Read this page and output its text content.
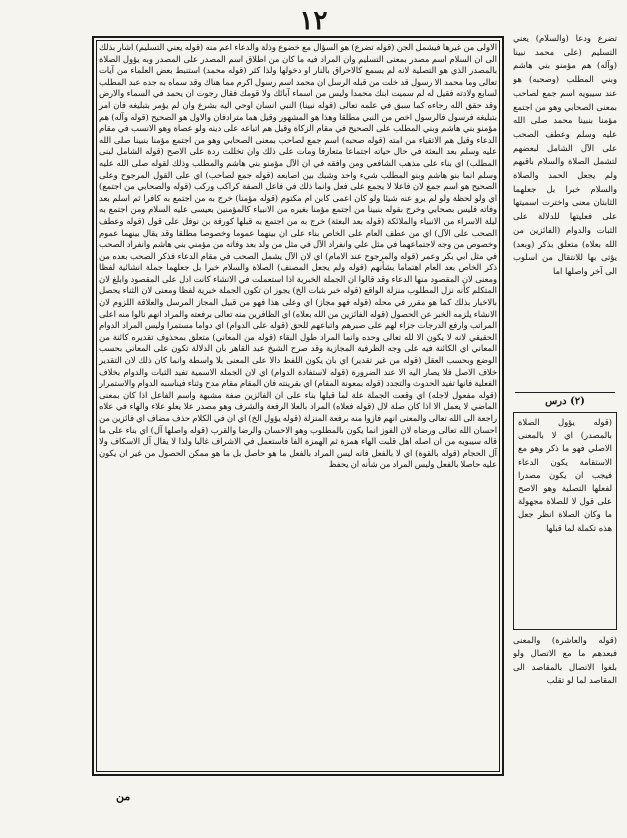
١٢

الاولى من غيرها فيشمل الجن (قوله تضرع) هو السؤال مع خضوع وذلة والدعاء اعم منه (قوله يعني التسليم) اشار بذلك الى ان السلام اسم مصدر بمعنى التسليم وان المراد فيه ما كان من اطلاق اسم المصدر على المصدر وبه يؤول الصلاة بالمصدر الذي هو التصلية لانه لم يسمع كالاحراق بالنار او دخولها ولذا كثر (قوله محمد) استنبط بعض العلماء من آيات تعالى وما محمد الا رسول قد خلت من قبله الرسل ان محمد اسم رسول اكرم مما هناك وقد سماه به جده عبد المطلب لسابع ولادته فقيل له لم سميت ابنك محمدا وليس من اسماء آبائك ولا قومك فقال رجوت ان يحمد في السماء والارض وقد حقق الله رجاءه كما سبق في علمه تعالى (قوله نبينا) النبي انسان اوحي اليه بشرع وان لم يؤمر بتبليغه فان امر بتبليغه فرسول فالرسول اخص من النبي مطلقا وهذا هو المشهور وقيل هما مترادفان والاول هو الصحيح (قوله وآله) هم مؤمنو بني هاشم وبني المطلب على الصحيح في مقام الزكاة وقيل هم اتباعه على دينه ولو عصاة وهو الانسب في مقام الدعاء وقيل هم الاتقياء من امته (قوله صحبه) اسم جمع لصاحب بمعنى الصحابي وهو من اجتمع مؤمنا بنبينا صلى الله عليه وسلم بعد البعثة في حال حياته اجتماعا متعارفا ومات على ذلك وان تخللت ردة على الاصح (قوله الشامل لبنى المطلب) اي بناء على مذهب الشافعي ومن وافقه في ان الآل مؤمنو بني هاشم والمطلب وذلك لقوله صلى الله عليه وسلم انما بنو هاشم وبنو المطلب شيء واحد وشبك بين اصابعه (قوله جمع لصاحب) اي على القول المرجوح وعلى الصحيح هو اسم جمع لان فاعلا لا يجمع على فعل وانما ذلك في فاعل الصفة كراكب وركب (قوله والصحابي من اجتمع) اي ولو لحظة ولو لم يرو عنه شيئا ولو كان اعمى كابن ام مكتوم (قوله مؤمنا) خرج به من اجتمع به كافرا ثم اسلم بعد وفاته فليس بصحابي وخرج بقوله بنبينا من اجتمع مؤمنا بغيره من الانبياء كالمؤمنين بعيسى عليه السلام ومن اجتمع به ليلة الاسراء من الانبياء والملائكة (قوله بعد البعثة) خرج به من اجتمع به قبلها كورقة بن نوفل على قول (قوله وعطف الصحب على الآل) اي من عطف العام على الخاص بناء على ان بينهما عموما وخصوصا مطلقا وقد يقال بينهما عموم وخصوص من وجه لاجتماعهما في مثل علي وانفراد الآل في مثل من ولد بعد وفاته من مؤمني بني هاشم وانفراد الصحب في مثل ابي بكر وعمر (قوله والمرجوح عند الامام) اي لان الآل يشمل الصحب في مقام الدعاء فذكر الصحب بعده من ذكر الخاص بعد العام اهتماما بشأنهم (قوله ولم يجعل المصنف) الصلاة والسلام خبرا بل جعلهما جملة انشائية لفظا ومعنى لان المقصود منها الدعاء وقد قالوا ان الجملة الخبرية اذا استعملت في الانشاء كانت ادل على المقصود وابلغ لان المتكلم كأنه نزل المطلوب منزلة الواقع (قوله خبر بثبات الخ) يجوز ان تكون الجملة خبرية لفظا ومعنى لان الثناء يحصل بالاخبار بذلك كما هو مقرر في محله (قوله فهو مجاز) اي وعلى هذا فهو من قبيل المجاز المرسل والعلاقة اللزوم لان الانشاء يلزمه الخبر عن الحصول (قوله الفائزين من الله بعلاه) اي الظافرين منه تعالى برفعته والمراد انهم نالوا منه اعلى المراتب وارفع الدرجات جزاء لهم على صبرهم واتباعهم للحق (قوله على الدوام) اي دواما مستمرا وليس المراد الدوام الحقيقي لانه لا يكون الا لله تعالى وحده وانما المراد طول البقاء (قوله من المعاني) متعلق بمحذوف تقديره كائنة من المعاني اي الكائنة فيه على وجه الظرفية المجازية وقد صرح الشيخ عبد القاهر بان الدلالة تكون على المعاني بحسب الوضع وبحسب العقل (قوله من غير تقدير) اي بان يكون اللفظ دالا على المعنى بلا واسطة وانما كان ذلك لان التقدير خلاف الاصل فلا يصار اليه الا عند الضرورة (قوله لاستفادة الدوام) اي لان الجملة الاسمية تفيد الثبات والدوام بخلاف الفعلية فانها تفيد الحدوث والتجدد (قوله بمعونة المقام) اي بقرينته فان المقام مقام مدح وثناء فيناسبه الدوام والاستمرار (قوله مفعول لاجله) اي وقعت الجملة علة لما قبلها بناء على ان الفائزين صفة مشبهة واسم الفاعل اذا كان بمعنى الماضي لا يعمل الا اذا كان صلة لال (قوله فعلاه) المراد بالعلا الرفعة والشرف وهو مصدر علا يعلو علاء والهاء في علاه راجعة الى الله تعالى والمعنى انهم فازوا منه برفعة المنزلة (قوله يؤول الخ) اي ان في الكلام حذف مضاف اي فائزين من احسان الله تعالى ورضاه لان الفوز انما يكون بالمطلوب وهو الاحسان والرضا والقرب (قوله واصلها آل) اي بناء على ما قاله سيبويه من ان اصله اهل قلبت الهاء همزة ثم الهمزة الفا فاستعمل في الاشراف غالبا ولذا لا يقال آل الاسكاف ولا آل الحجام (قوله بالقوة) اي لا بالفعل فانه ليس المراد بالفعل ما هو حاصل بل ما هو ممكن الحصول من غير ان يكون عليه حاصلا بالفعل وليس المراد من شأنه ان يحفظ

تضرع ودعا (والسلام) يعني التسليم (على محمد نبينا (وآله) هم مؤمنو بني هاشم وبني المطلب (وصحبه) هو عند سيبويه اسم جمع لصاحب بمعنى الصحابي وهو من اجتمع مؤمنا بنبينا محمد صلى الله عليه وسلم وعطف الصحب على الآل الشامل لبعضهم لتشمل الصلاة والسلام باقيهم ولم يجعل الحمد والصلاة والسلام خبرا بل جعلهما الثابتان معنى واخترت اسميتها على فعليتها للدلالة على الثبات والدوام (الفائزين من الله بعلاه) متعلق بذكر (وبعد) يؤتى بها للانتقال من اسلوب الى آخر واصلها اما

(٢) درس

(قوله يؤول الصلاة بالمصدر) اي لا بالمعنى الاصلي فهو ما ذكر وهو مع الاستقامة يكون الدعاء فيجب ان يكون مصدرا لفعلها التصلية وهو الاصح على قول لا للصلاة مجهولة ما وكان الصلاة انظر جعل هذه تكملة لما قبلها

(قوله والعاشرة) والمعنى فبعدهم ما مع الاتصال ولو بلغوا الاتصال بالمقاصد الى المقاصد لما لو تقلب

من
